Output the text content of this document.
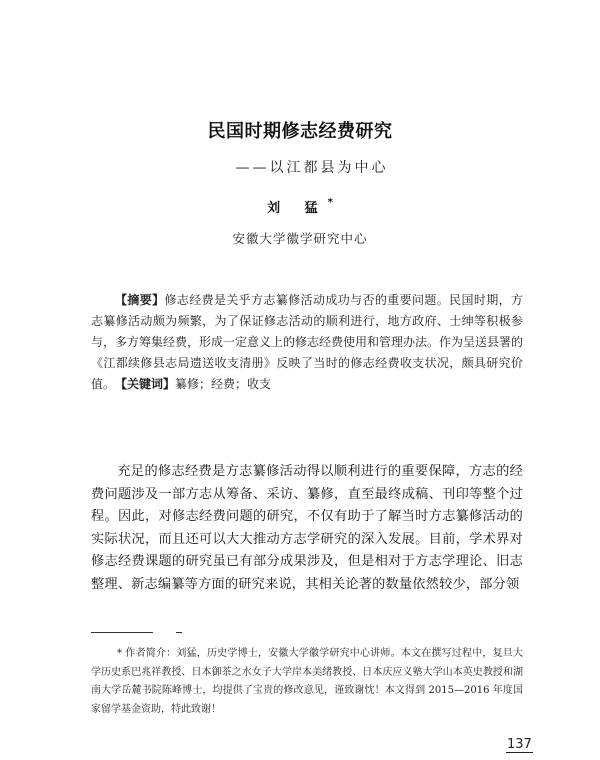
民国时期修志经费研究
——以江都县为中心
刘 猛*
安徽大学徽学研究中心
【摘要】修志经费是关乎方志纂修活动成功与否的重要问题。民国时期，方志纂修活动颇为频繁，为了保证修志活动的顺利进行，地方政府、士绅等积极参与，多方筹集经费，形成一定意义上的修志经费使用和管理办法。作为呈送县署的《江都续修县志局遗送收支清册》反映了当时的修志经费收支状况，颇具研究价值。 【关键词】纂修；经费；收支
充足的修志经费是方志纂修活动得以顺利进行的重要保障，方志的经费问题涉及一部方志从筹备、采访、纂修，直至最终成稿、刊印等整个过程。因此，对修志经费问题的研究，不仅有助于了解当时方志纂修活动的实际状况，而且还可以大大推动方志学研究的深入发展。目前，学术界对修志经费课题的研究虽已有部分成果涉及，但是相对于方志学理论、旧志整理、新志编纂等方面的研究来说，其相关论著的数量依然较少，部分领
* 作者简介：刘猛，历史学博士，安徽大学徽学研究中心讲师。本文在撰写过程中，复旦大学历史系巴兆祥教授、日本御茶之水女子大学岸本美绪教授、日本庆应义塾大学山本英史教授和湖南大学岳麓书院陈峰博士，均提供了宝贵的修改意见，谨致谢忱！本文得到 2015—2016 年度国家留学基金资助，特此致谢！
137
